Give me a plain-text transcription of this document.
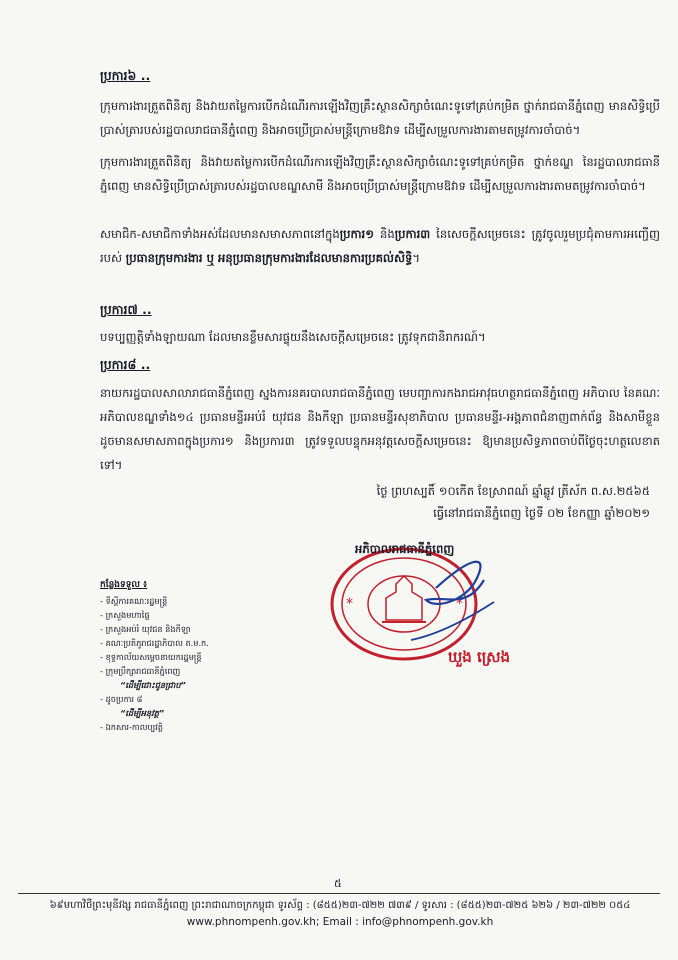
ប្រការ៦ ..
ក្រុមការងារត្រួតពិនិត្យ និងវាយតម្លៃការបើកដំណើរការឡើងវិញគ្រឹះស្ថានសិក្សាចំណេះទូទៅគ្រប់កម្រិត ថ្នាក់រាជធានីភ្នំពេញ មានសិទ្ធិប្រើប្រាស់ត្រារបស់រដ្ឋបាលរាជធានីភ្នំពេញ និងអាចប្រើប្រាស់មន្ត្រីក្រោមឱវាទ ដើម្បីសម្រួលការងារតាមតម្រូវការចាំបាច់។
ក្រុមការងារត្រួតពិនិត្យ និងវាយតម្លៃការបើកដំណើរការឡើងវិញគ្រឹះស្ថានសិក្សាចំណេះទូទៅគ្រប់កម្រិត ថ្នាក់ខណ្ឌ នៃរដ្ឋបាលរាជធានីភ្នំពេញ មានសិទ្ធិប្រើប្រាស់ត្រារបស់រដ្ឋបាលខណ្ឌសាមី និងអាចប្រើប្រាស់មន្ត្រីក្រោមឱវាទ ដើម្បីសម្រួលការងារតាមតម្រូវការចាំបាច់។
សមាជិក-សមាជិកាទាំងអស់ដែលមានសមាសភាពនៅក្នុងប្រការ១ និងប្រការ៣ នៃសេចក្តីសម្រេចនេះ ត្រូវចូលរួមប្រជុំតាមការអញ្ជើញរបស់ ប្រធានក្រុមការងារ ឬ អនុប្រធានក្រុមការងារដែលមានការប្រគល់សិទ្ធិ។
ប្រការ៧ ..
បទប្បញ្ញត្តិទាំងឡាយណា ដែលមានខ្លឹមសារផ្ទុយនឹងសេចក្តីសម្រេចនេះ ត្រូវទុកជានិរាករណ៍។
ប្រការ៨ ..
នាយករដ្ឋបាលសាលារាជធានីភ្នំពេញ ស្នងការនគរបាលរាជធានីភ្នំពេញ មេបញ្ជាការកងរាជអាវុធហត្ថរាជធានីភ្នំពេញ អភិបាល នៃគណៈអភិបាលខណ្ឌទាំង១៤ ប្រធានមន្ទីរអប់រំ យុវជន និងកីឡា ប្រធានមន្ទីរសុខាភិបាល ប្រធានមន្ទីរ-អង្គភាពជំនាញពាក់ព័ន្ធ និងសាមីខ្លួនដូចមានសមាសភាពក្នុងប្រការ១ និងប្រការ៣ ត្រូវទទួលបន្ទុកអនុវត្តសេចក្តីសម្រេចនេះ ឱ្យមានប្រសិទ្ធភាពចាប់ពីថ្ងៃចុះហត្ថលេខាតទៅ។
ថ្ងៃ ព្រហស្បតិ៍ ១០កើត ខែស្រាពណ៍ ឆ្នាំឆ្លូវ ត្រីស័ក ព.ស.២៥៦៥
ធ្វើនៅរាជធានីភ្នំពេញ ថ្ងៃទី ០២ ខែកញ្ញា ឆ្នាំ២០២១
*	*
អភិបាលរាជធានីភ្នំពេញ
ឃួង ស្រេង
កន្លែងទទួល ៖
- ទីស្តីការគណៈរដ្ឋមន្ត្រី
- ក្រសួងមហាផ្ទៃ
- ក្រសួងអប់រំ យុវជន និងកីឡា
- គណៈប្រតិភូរាជរដ្ឋាភិបាល ត.ម.ក.
- ខុទ្ទកាល័យសម្តេចនាយករដ្ឋមន្ត្រី
- ក្រុមប្រឹក្សារាជធានីភ្នំពេញ
“ដើម្បីជោះជូនជ្រាប”
- ដូចប្រការ ៨
“ដើម្បីអនុវត្ត”
- ឯកសារ-កាលប្បវត្តិ
៥
៦៩មហាវិថីព្រះមុនីវង្ស រាជធានីភ្នំពេញ ព្រះរាជាណាចក្រកម្ពុជា ទូរស័ព្ទ : (៨៥៥)២៣-៧២២ ៧៣៩ / ទូរសារ : (៨៥៥)២៣-៧២៥ ៦២៦ / ២៣-៧២២ ០៥៤
www.phnompenh.gov.kh; Email : info@phnompenh.gov.kh
